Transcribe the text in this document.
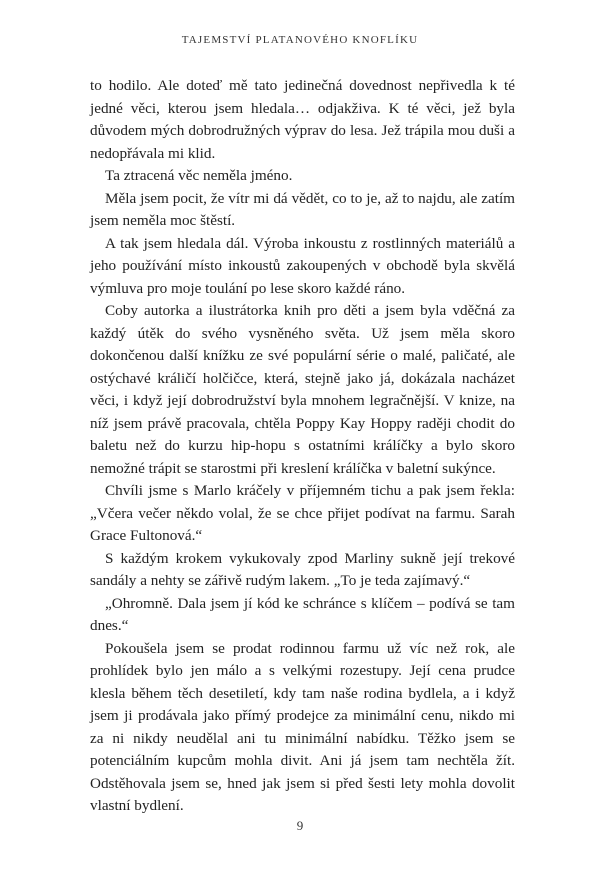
TAJEMSTVÍ PLATANOVÉHO KNOFLÍKU

to hodilo. Ale doteď mě tato jedinečná dovednost nepřivedla k té jedné věci, kterou jsem hledala… odjakživa. K té věci, jež byla důvodem mých dobrodružných výprav do lesa. Jež trápila mou duši a nedopřávala mi klid.

Ta ztracená věc neměla jméno.

Měla jsem pocit, že vítr mi dá vědět, co to je, až to najdu, ale zatím jsem neměla moc štěstí.

A tak jsem hledala dál. Výroba inkoustu z rostlinných materiálů a jeho používání místo inkoustů zakoupených v obchodě byla skvělá výmluva pro moje toulání po lese skoro každé ráno.

Coby autorka a ilustrátorka knih pro děti a jsem byla vděčná za každý útěk do svého vysněného světa. Už jsem měla skoro dokončenou další knížku ze své populární série o malé, paličaté, ale ostýchavé králičí holčičce, která, stejně jako já, dokázala nacházet věci, i když její dobrodružství byla mnohem legračnější. V knize, na níž jsem právě pracovala, chtěla Poppy Kay Hoppy raději chodit do baletu než do kurzu hip-hopu s ostatními králíčky a bylo skoro nemožné trápit se starostmi při kreslení králíčka v baletní sukýnce.

Chvíli jsme s Marlo kráčely v příjemném tichu a pak jsem řekla: „Včera večer někdo volal, že se chce přijet podívat na farmu. Sarah Grace Fultonová.“

S každým krokem vykukovaly zpod Marliny sukně její trekové sandály a nehty se zářivě rudým lakem. „To je teda zajímavý.“

„Ohromně. Dala jsem jí kód ke schránce s klíčem – podívá se tam dnes.“

Pokoušela jsem se prodat rodinnou farmu už víc než rok, ale prohlídek bylo jen málo a s velkými rozestupy. Její cena prudce klesla během těch desetiletí, kdy tam naše rodina bydlela, a i když jsem ji prodávala jako přímý prodejce za minimální cenu, nikdo mi za ni nikdy neudělal ani tu minimální nabídku. Těžko jsem se potenciálním kupcům mohla divit. Ani já jsem tam nechtěla žít. Odstěhovala jsem se, hned jak jsem si před šesti lety mohla dovolit vlastní bydlení.

9
